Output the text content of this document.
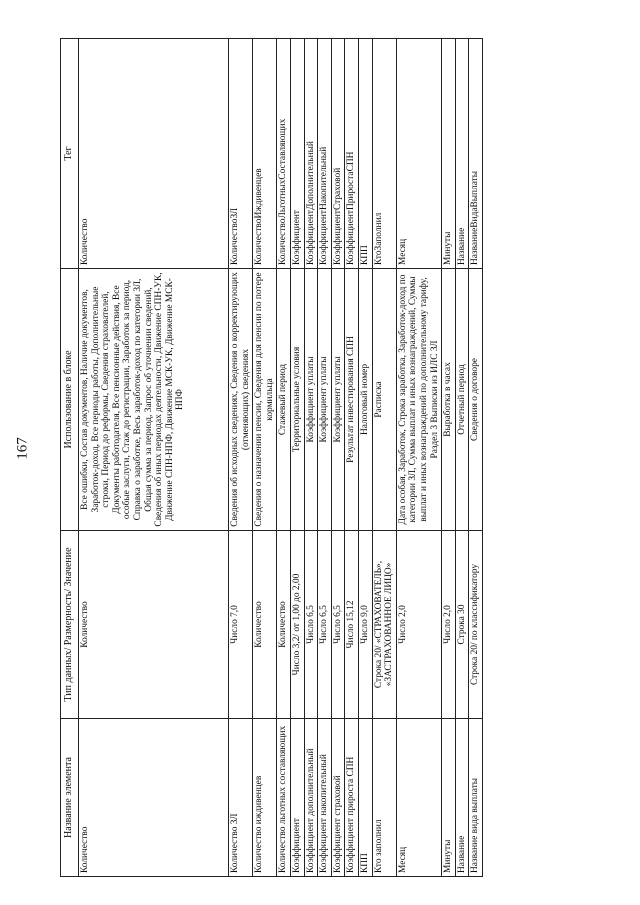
167
Название элемента	Тип данных/ Размерность/ Значение	Использование в блоке	Тег
Количество	Количество	Все ошибки, Состав документов, Наличие документов, Заработок-доход, Все периоды работы, Дополнительные строки, Период до реформы, Сведения страхователей, Документы работодателя, Все пенсионные действия, Все особые заслуги, Стаж до регистрации, Заработок за период, Справка о заработке, Весь заработок-доход по категории ЗЛ, Общая сумма за период, Запрос об уточнении сведений, Сведения об иных периодах деятельности, Движение СПН-УК, Движение СПН-НПФ, Движение МСК-УК, Движение МСК-НПФ	Количество
Количество ЗЛ	Число 7,0	Сведения об исходных сведениях, Сведения о корректирующих (отменяющих) сведениях	КоличествоЗЛ
Количество иждивенцев	Количество	Сведения о назначении пенсии, Сведения для пенсии по потере кормильца	КоличествоИждивенцев
Количество льготных составляющих	Количество	Стажевый период	КоличествоЛьготныхСоставляющих
Коэффициент	Число 3,2/ от 1,00 до 2,00	Территориальные условия	Коэффициент
Коэффициент дополнительный	Число 6,5	Коэффициент уплаты	КоэффициентДополнительный
Коэффициент накопительный	Число 6,5	Коэффициент уплаты	КоэффициентНакопительный
Коэффициент страховой	Число 6,5	Коэффициент уплаты	КоэффициентСтраховой
Коэффициент прироста СПН	Число 15,12	Результат инвестирования СПН	КоэффициентПриростаСПН
КПП	Число 9,0	Налоговый номер	КПП
Кто заполнил	Строка 20/ «СТРАХОВАТЕЛЬ», «ЗАСТРАХОВАННОЕ ЛИЦО»	Расписка	КтоЗаполнил
Месяц	Число 2,0	Дата особая, Заработок, Строка заработка, Заработок-доход по категории ЗЛ, Сумма выплат и иных вознаграждений, Суммы выплат и иных вознаграждений по дополнительному тарифу, Раздел 3 Выписки из ИЛС ЗЛ	Месяц
Минуты	Число 2,0	Выработка в часах	Минуты
Название	Строка 30	Отчетный период	Название
Название вида выплаты	Строка 20/ по классификатору	Сведения о договоре	НазваниеВидаВыплаты
